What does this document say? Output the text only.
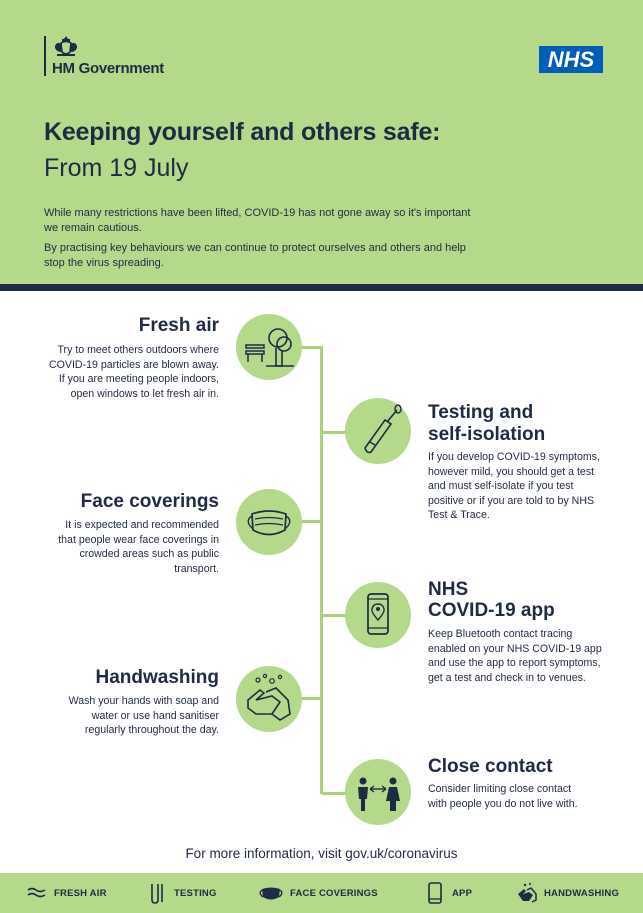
HM Government	NHS
Keeping yourself and others safe:
From 19 July
While many restrictions have been lifted, COVID-19 has not gone away so it's important we remain cautious.
By practising key behaviours we can continue to protect ourselves and others and help stop the virus spreading.
Fresh air
Try to meet others outdoors where COVID-19 particles are blown away. If you are meeting people indoors, open windows to let fresh air in.
Testing and
self-isolation
If you develop COVID-19 symptoms, however mild, you should get a test and must self-isolate if you test positive or if you are told to by NHS Test & Trace.
Face coverings
It is expected and recommended that people wear face coverings in crowded areas such as public transport.
NHS
COVID-19 app
Keep Bluetooth contact tracing enabled on your NHS COVID-19 app and use the app to report symptoms, get a test and check in to venues.
Handwashing
Wash your hands with soap and water or use hand sanitiser regularly throughout the day.
Close contact
Consider limiting close contact with people you do not live with.
For more information, visit gov.uk/coronavirus
FRESH AIR	TESTING	FACE COVERINGS	APP	HANDWASHING
